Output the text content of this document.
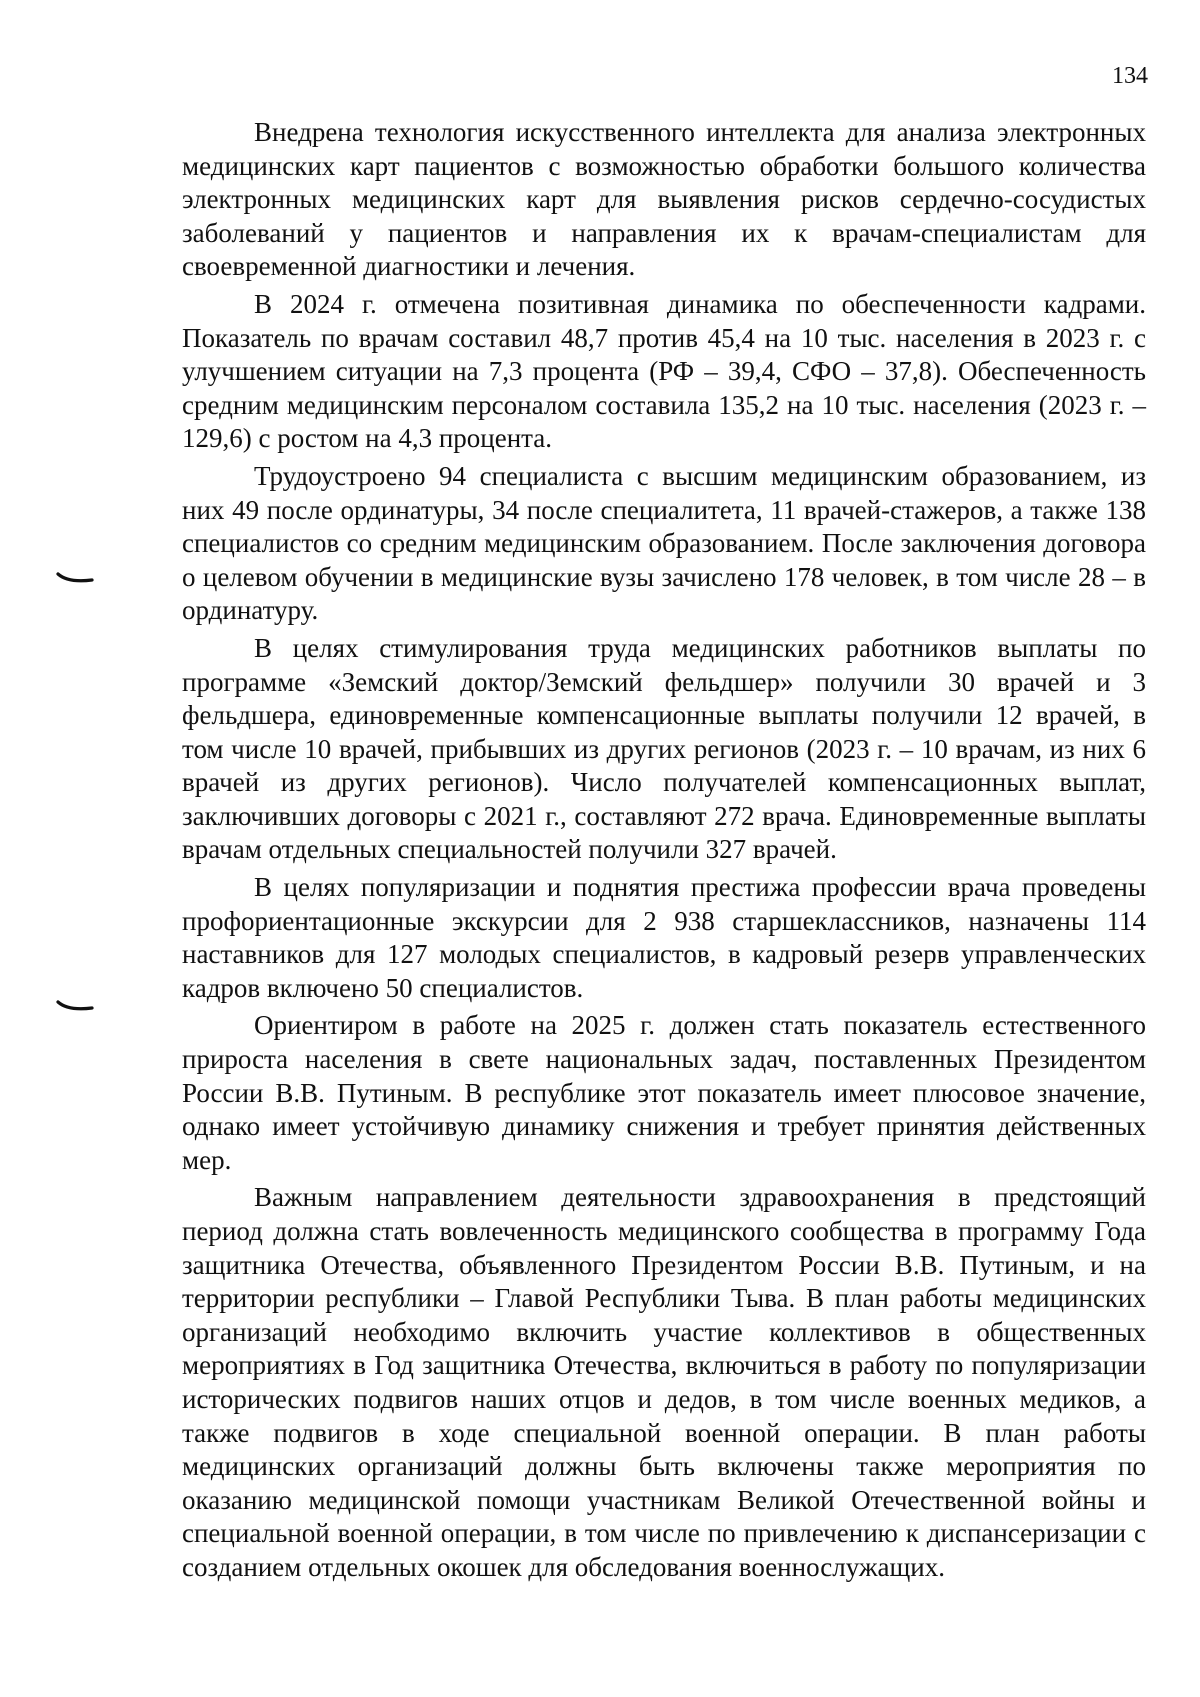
134

Внедрена технология искусственного интеллекта для анализа электронных медицинских карт пациентов с возможностью обработки большого количества электронных медицинских карт для выявления рисков сердечно-сосудистых заболеваний у пациентов и направления их к врачам-специалистам для своевременной диагностики и лечения.

В 2024 г. отмечена позитивная динамика по обеспеченности кадрами. Показатель по врачам составил 48,7 против 45,4 на 10 тыс. населения в 2023 г. с улучшением ситуации на 7,3 процента (РФ – 39,4, СФО – 37,8). Обеспеченность средним медицинским персоналом составила 135,2 на 10 тыс. населения (2023 г. – 129,6) с ростом на 4,3 процента.

Трудоустроено 94 специалиста с высшим медицинским образованием, из них 49 после ординатуры, 34 после специалитета, 11 врачей-стажеров, а также 138 специалистов со средним медицинским образованием. После заключения договора о целевом обучении в медицинские вузы зачислено 178 человек, в том числе 28 – в ординатуру.

В целях стимулирования труда медицинских работников выплаты по программе «Земский доктор/Земский фельдшер» получили 30 врачей и 3 фельдшера, единовременные компенсационные выплаты получили 12 врачей, в том числе 10 врачей, прибывших из других регионов (2023 г. – 10 врачам, из них 6 врачей из других регионов). Число получателей компенсационных выплат, заключивших договоры с 2021 г., составляют 272 врача. Единовременные выплаты врачам отдельных специальностей получили 327 врачей.

В целях популяризации и поднятия престижа профессии врача проведены профориентационные экскурсии для 2 938 старшеклассников, назначены 114 наставников для 127 молодых специалистов, в кадровый резерв управленческих кадров включено 50 специалистов.

Ориентиром в работе на 2025 г. должен стать показатель естественного прироста населения в свете национальных задач, поставленных Президентом России В.В. Путиным. В республике этот показатель имеет плюсовое значение, однако имеет устойчивую динамику снижения и требует принятия действенных мер.

Важным направлением деятельности здравоохранения в предстоящий период должна стать вовлеченность медицинского сообщества в программу Года защитника Отечества, объявленного Президентом России В.В. Путиным, и на территории республики – Главой Республики Тыва. В план работы медицинских организаций необходимо включить участие коллективов в общественных мероприятиях в Год защитника Отечества, включиться в работу по популяризации исторических подвигов наших отцов и дедов, в том числе военных медиков, а также подвигов в ходе специальной военной операции. В план работы медицинских организаций должны быть включены также мероприятия по оказанию медицинской помощи участникам Великой Отечественной войны и специальной военной операции, в том числе по привлечению к диспансеризации с созданием отдельных окошек для обследования военнослужащих.
